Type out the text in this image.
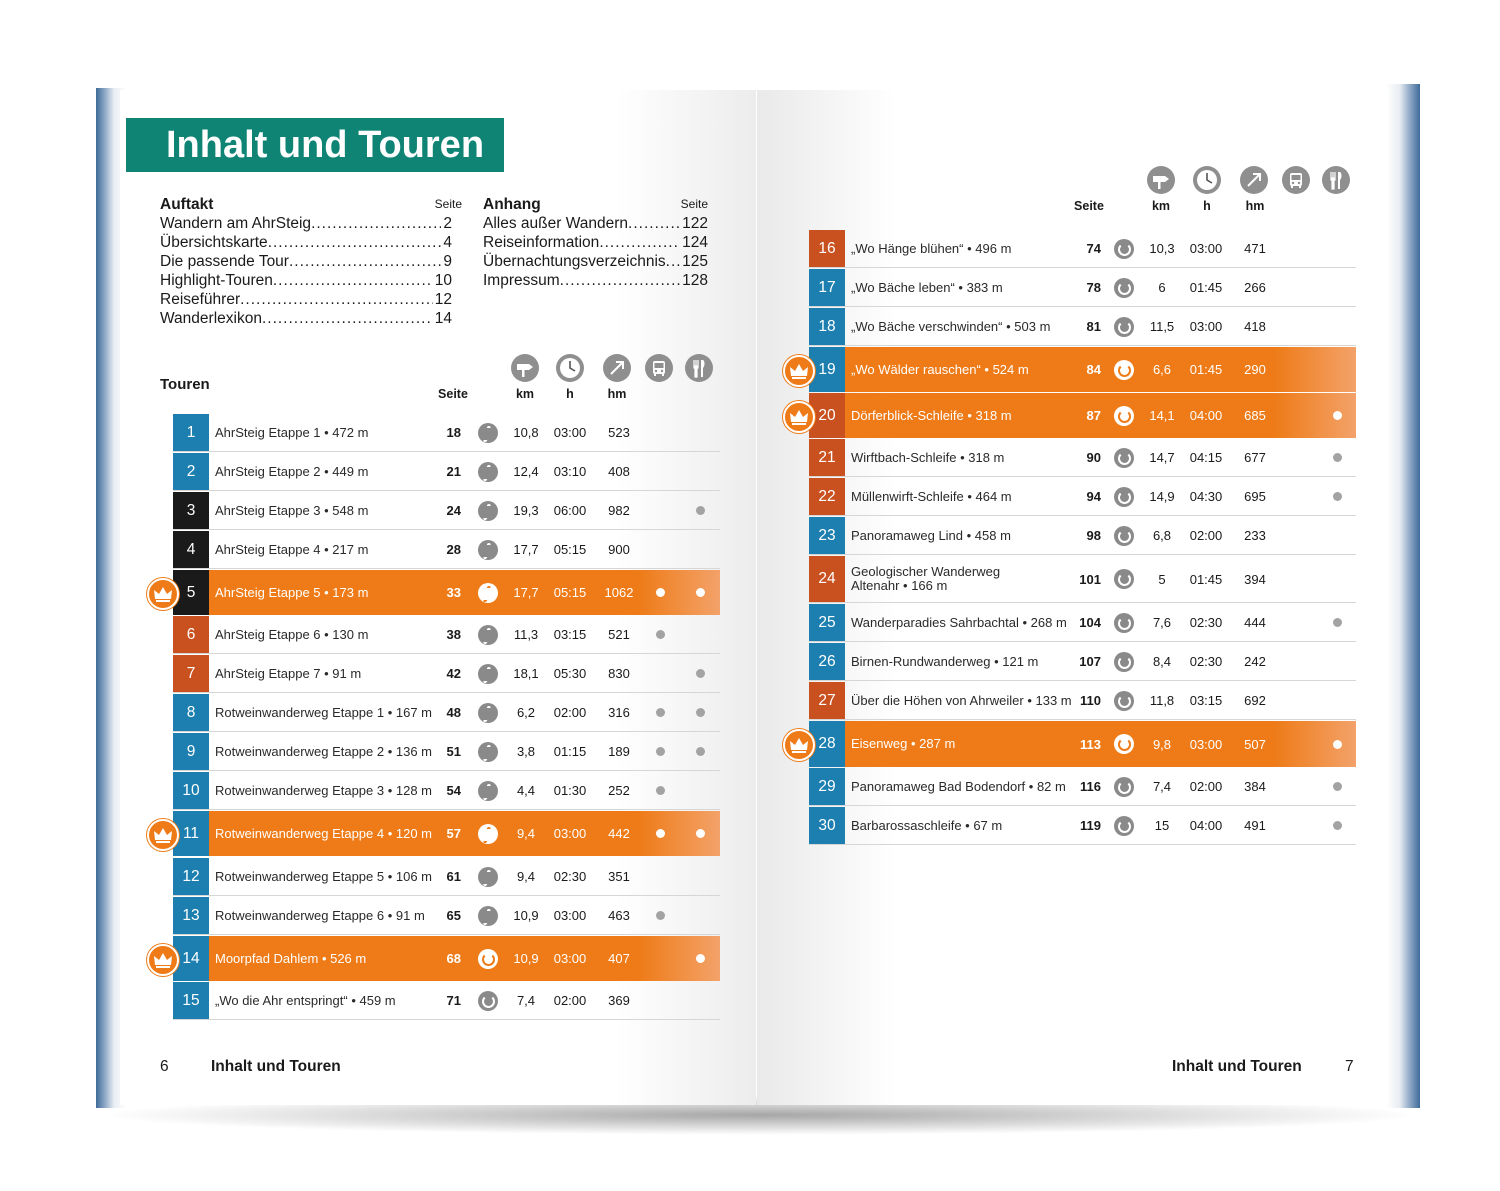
Inhalt und Touren
Auftakt	Seite
Wandern am AhrSteig .....	2
Übersichtskarte .....	4
Die passende Tour .....	9
Highlight-Touren .....	10
Reiseführer .....	12
Wanderlexikon .....	14
Anhang	Seite
Alles außer Wandern .....	122
Reiseinformation .....	124
Übernachtungsverzeichnis ..... 125
Impressum .....	128
Touren
Seite	km	h	hm
Seite	km	h	hm
1	AhrSteig Etappe 1 • 472 m	18	10,8	03:00	523
2	AhrSteig Etappe 2 • 449 m	21	12,4	03:10	408
3	AhrSteig Etappe 3 • 548 m	24	19,3	06:00	982
4	AhrSteig Etappe 4 • 217 m	28	17,7	05:15	900
5	AhrSteig Etappe 5 • 173 m	33	17,7	05:15	1062
6	AhrSteig Etappe 6 • 130 m	38	11,3	03:15	521
7	AhrSteig Etappe 7 • 91 m	42	18,1	05:30	830
8	Rotweinwanderweg Etappe 1 • 167 m	48	6,2	02:00	316
9	Rotweinwanderweg Etappe 2 • 136 m	51	3,8	01:15	189
10	Rotweinwanderweg Etappe 3 • 128 m	54	4,4	01:30	252
11	Rotweinwanderweg Etappe 4 • 120 m	57	9,4	03:00	442
12	Rotweinwanderweg Etappe 5 • 106 m	61	9,4	02:30	351
13	Rotweinwanderweg Etappe 6 • 91 m	65	10,9	03:00	463
14	Moorpfad Dahlem • 526 m	68	10,9	03:00	407
15	„Wo die Ahr entspringt“ • 459 m	71	7,4	02:00	369
16	„Wo Hänge blühen“ • 496 m	74	10,3	03:00	471
17	„Wo Bäche leben“ • 383 m	78	6	01:45	266
18	„Wo Bäche verschwinden“ • 503 m	81	11,5	03:00	418
19	„Wo Wälder rauschen“ • 524 m	84	6,6	01:45	290
20	Dörferblick-Schleife • 318 m	87	14,1	04:00	685
21	Wirftbach-Schleife • 318 m	90	14,7	04:15	677
22	Müllenwirft-Schleife • 464 m	94	14,9	04:30	695
23	Panoramaweg Lind • 458 m	98	6,8	02:00	233
24	Geologischer Wanderweg
Altenahr • 166 m	101	5	01:45	394
25	Wanderparadies Sahrbachtal • 268 m 104	7,6	02:30	444
26	Birnen-Rundwanderweg • 121 m	107	8,4	02:30	242
27	Über die Höhen von Ahrweiler • 133 m 110	11,8	03:15	692
28	Eisenweg • 287 m	113	9,8	03:00	507
29	Panoramaweg Bad Bodendorf • 82 m	116	7,4	02:00	384
30	Barbarossaschleife • 67 m	119	15	04:00	491
6	Inhalt und Touren	Inhalt und Touren	7
